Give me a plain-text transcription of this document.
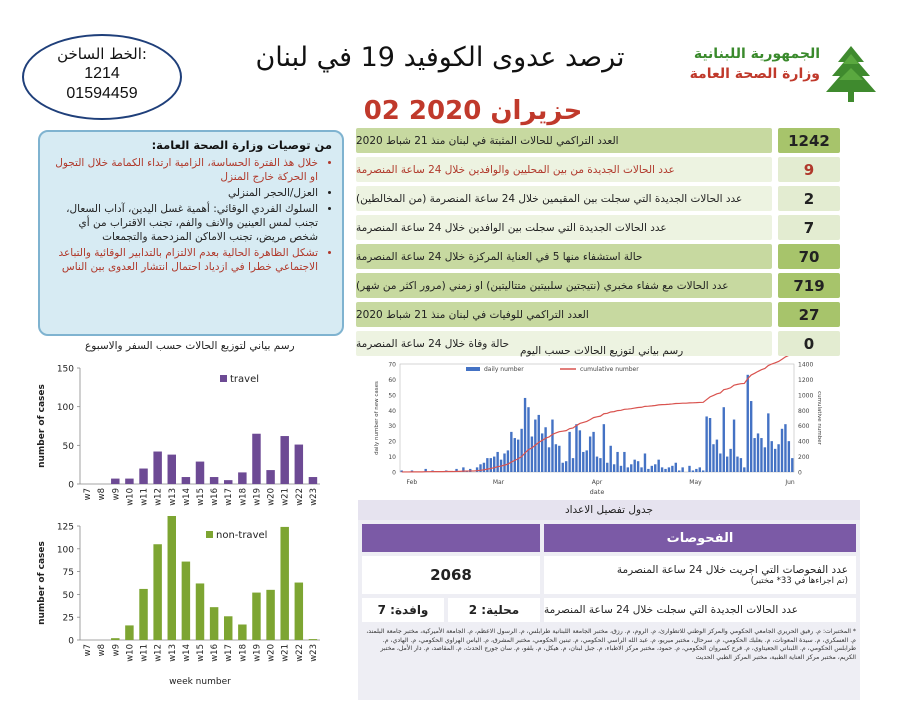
الخط الساخن:
1214
01594459
ترصد عدوى الكوفيد 19 في لبنان
02 حزيران 2020
الجمهورية اللبنانية
وزارة الصحة العامة
العدد التراكمي للحالات المثبتة في لبنان منذ 21 شباط 2020	1242
عدد الحالات الجديدة من بين المحليين والوافدين خلال 24 ساعة المنصرمة	9
عدد الحالات الجديدة التي سجلت بين المقيمين خلال 24 ساعة المنصرمة (من المخالطين)	2
عدد الحالات الجديدة التي سجلت بين الوافدين خلال 24 ساعة المنصرمة	7
حالة استشفاء منها 5 في العناية المركزة خلال 24 ساعة المنصرمة	70
عدد الحالات مع شفاء مخبري (نتيجتين سلبيتين متتاليتين) او زمني (مرور اكثر من شهر)	719
العدد التراكمي للوفيات في لبنان منذ 21 شباط 2020	27
حالة وفاة خلال 24 ساعة المنصرمة	0
من توصيات وزارة الصحة العامة:
• خلال هذ الفترة الحساسة، الزامية ارتداء الكمامة خلال التجول او الحركة خارج المنزل
• العزل/الحجر المنزلي
• السلوك الفردي الوقائي: أهمية غسل اليدين، آداب السعال، تجنب لمس العينين والانف والفم، تجنب الاقتراب من أي شخص مريض، تجنب الاماكن المزدحمة والتجمعات
• تشكل الظاهرة الحالية بعدم الالتزام بالتدابير الوقائية والتباعد الاجتماعي خطرا في ازدياد احتمال انتشار العدوى بين الناس
رسم بياني لتوزيع الحالات حسب السفر والاسبوع	رسم بياني لتوزيع الحالات حسب اليوم
0
50
100
150
w7 w8 w9 w10 w11 w12 w13 w14 w15 w16 w17 w18 w19 w20 w21 w22 w23
number of cases
travel
0
25
50
75
100
125
w7 w8 w9 w10 w11 w12 w13 w14 w15 w16 w17 w18 w19 w20 w21 w22 w23
number of cases
non-travel
week number
0
10
20
30
40
50
60
70
0
200
400
600
800
1000
1200
1400
Feb	Mar	Apr	May	Jun
date
daily number of new cases	cumulative number
daily number	cumulative number
جدول تفصيل الاعداد
الفحوصات
2068	عدد الفحوصات التي اجريت خلال 24 ساعة المنصرمة
(تم اجراءها في 33* مختبر)
وافدة: 7	محلية: 2	عدد الحالات الجديدة التي سجلت خلال 24 ساعة المنصرمة
* المختبرات: م. رفيق الحريري الجامعي الحكومي والمركز الوطني للاتطوارئ، م. الروم، م. رزق، مختبر الجامعة اللبنانية طرابلس، م. الرسول الاعظم، م. الجامعة الأميركية، مختبر جامعة البلمند، م. العسكري، م. سيدة المعونات، م. بعلبك الحكومي، م. سرحال، مختبر ميريو، م. عبد الله الراسي الحكومي، م. تبنين الحكومي، مختبر المشرق، م. الياس الهراوي الحكومي، م. الهادي، م. طرابلس الحكومي، م. اللبناني الجعيتاوي، م. قرح كسروان الحكومي، م. حمود، مختبر مركز الاطباء، م. جبل لبنان، م. هيكل، م. بلفو، م. سان جورج الحدث، م. المقاصد، م. دار الأمل، مختبر الكريم، مختبر مركز العناية الطبية، مختبر المركز الطبي الحديث
